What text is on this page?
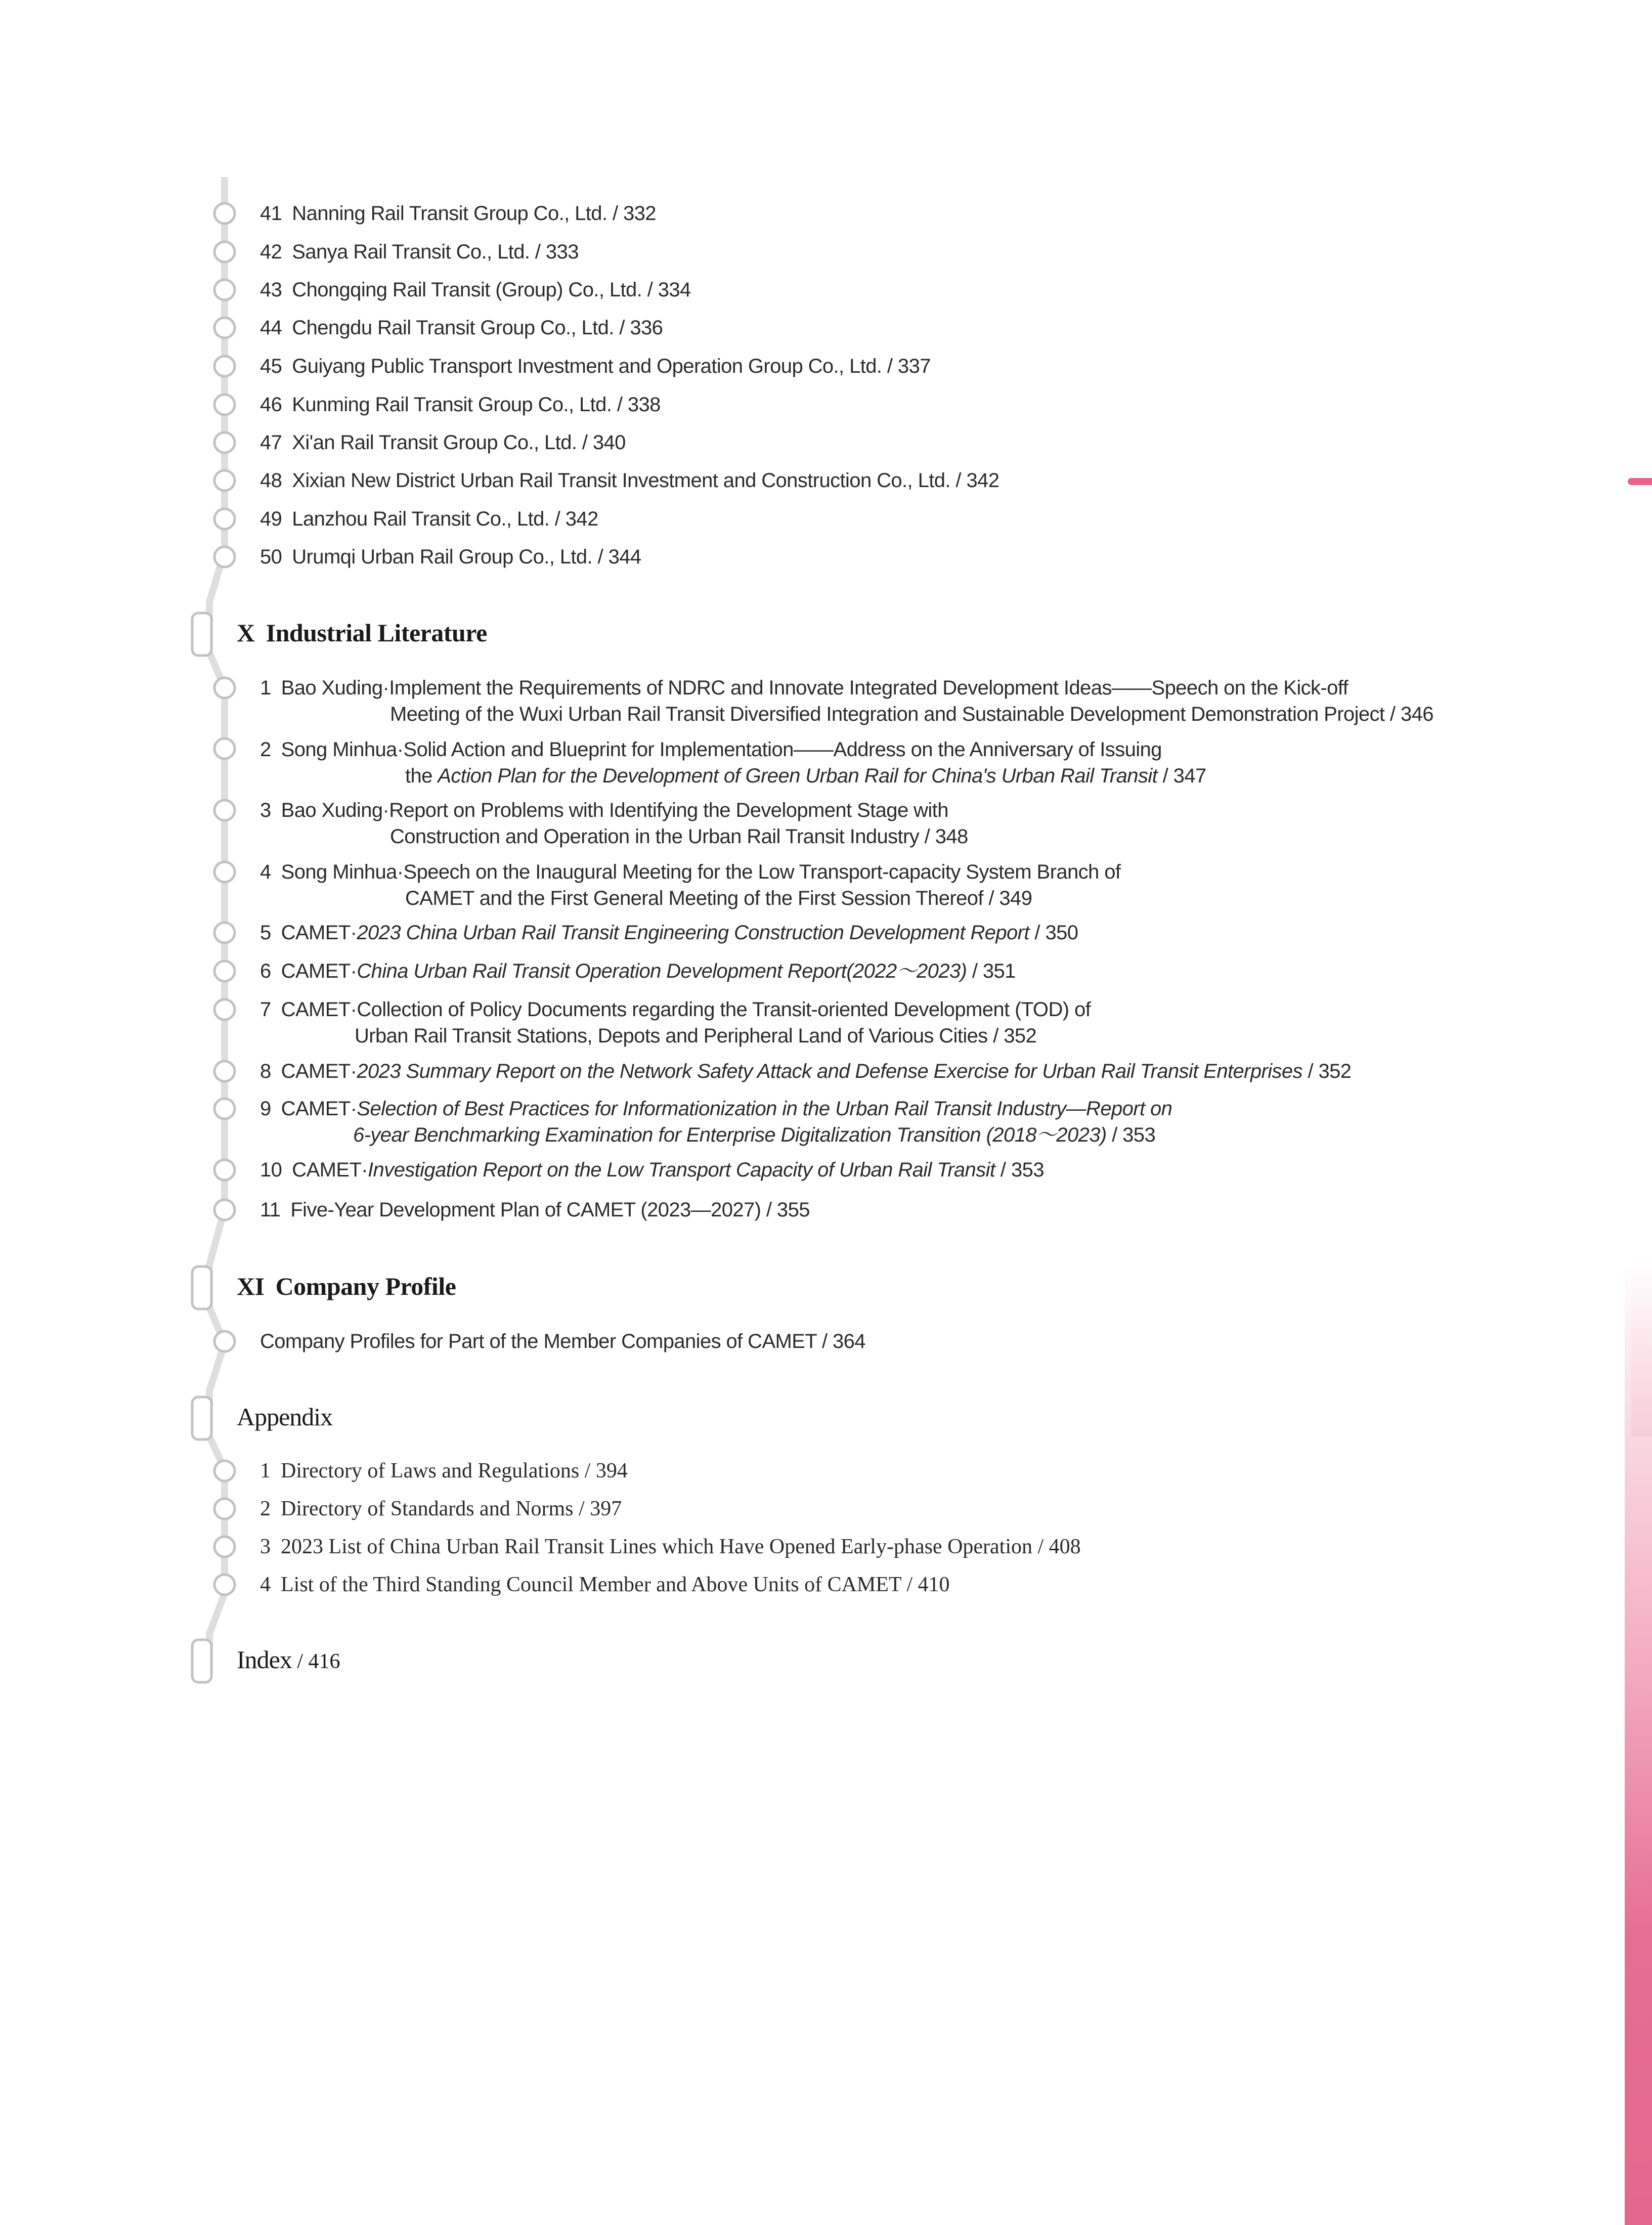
41 Nanning Rail Transit Group Co., Ltd. / 332
42 Sanya Rail Transit Co., Ltd. / 333
43 Chongqing Rail Transit (Group) Co., Ltd. / 334
44 Chengdu Rail Transit Group Co., Ltd. / 336
45 Guiyang Public Transport Investment and Operation Group Co., Ltd. / 337
46 Kunming Rail Transit Group Co., Ltd. / 338
47 Xi'an Rail Transit Group Co., Ltd. / 340
48 Xixian New District Urban Rail Transit Investment and Construction Co., Ltd. / 342
49 Lanzhou Rail Transit Co., Ltd. / 342
50 Urumqi Urban Rail Group Co., Ltd. / 344
X Industrial Literature
1 Bao Xuding·Implement the Requirements of NDRC and Innovate Integrated Development Ideas——Speech on the Kick-off
Meeting of the Wuxi Urban Rail Transit Diversified Integration and Sustainable Development Demonstration Project / 346
2 Song Minhua·Solid Action and Blueprint for Implementation——Address on the Anniversary of Issuing
the Action Plan for the Development of Green Urban Rail for China's Urban Rail Transit / 347
3 Bao Xuding·Report on Problems with Identifying the Development Stage with
Construction and Operation in the Urban Rail Transit Industry / 348
4 Song Minhua·Speech on the Inaugural Meeting for the Low Transport-capacity System Branch of
CAMET and the First General Meeting of the First Session Thereof / 349
5 CAMET·2023 China Urban Rail Transit Engineering Construction Development Report / 350
6 CAMET·China Urban Rail Transit Operation Development Report(2022～2023) / 351
7 CAMET·Collection of Policy Documents regarding the Transit-oriented Development (TOD) of
Urban Rail Transit Stations, Depots and Peripheral Land of Various Cities / 352
8 CAMET·2023 Summary Report on the Network Safety Attack and Defense Exercise for Urban Rail Transit Enterprises / 352
9 CAMET·Selection of Best Practices for Informationization in the Urban Rail Transit Industry—Report on
6-year Benchmarking Examination for Enterprise Digitalization Transition (2018～2023) / 353
10 CAMET·Investigation Report on the Low Transport Capacity of Urban Rail Transit / 353
11 Five-Year Development Plan of CAMET (2023—2027) / 355
XI Company Profile
Company Profiles for Part of the Member Companies of CAMET / 364
Appendix
1 Directory of Laws and Regulations / 394
2 Directory of Standards and Norms / 397
3 2023 List of China Urban Rail Transit Lines which Have Opened Early-phase Operation / 408
4 List of the Third Standing Council Member and Above Units of CAMET / 410
Index / 416
